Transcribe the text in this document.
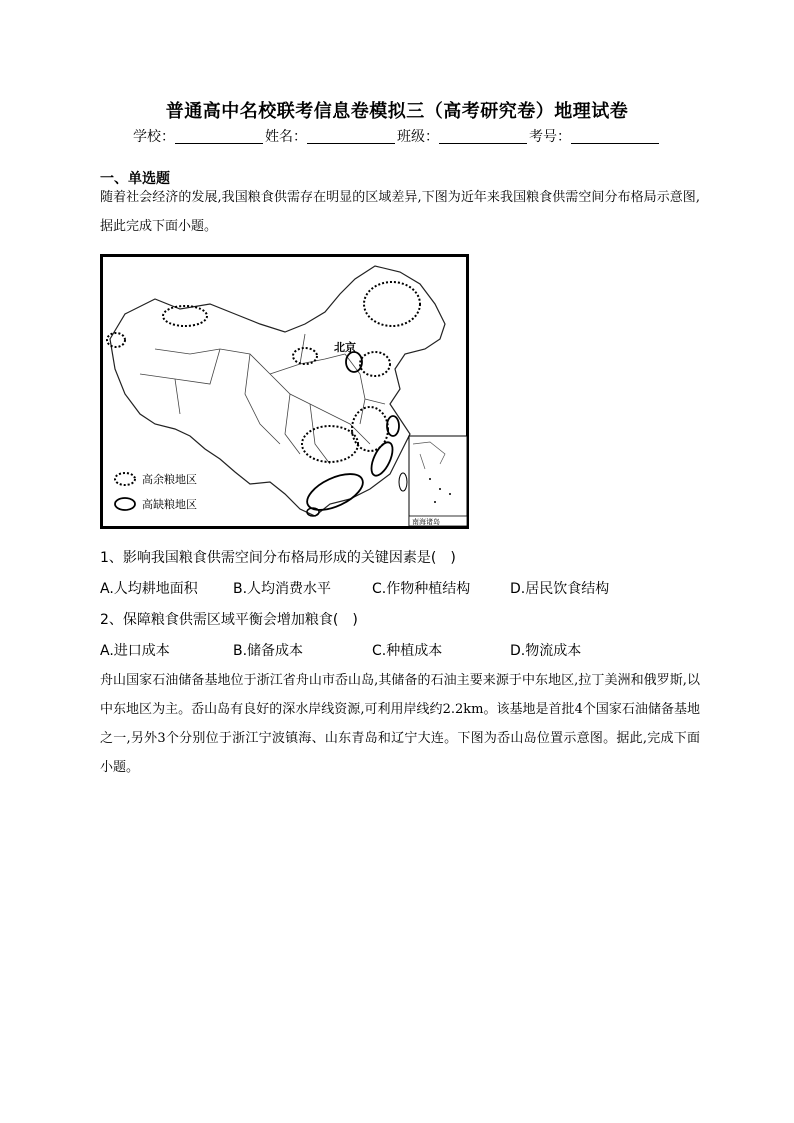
普通高中名校联考信息卷模拟三（高考研究卷）地理试卷
学校：	姓名：	班级：	考号：
一、单选题
随着社会经济的发展,我国粮食供需存在明显的区域差异,下图为近年来我国粮食供需空间分布格局示意图,据此完成下面小题。
北京
南海诸岛
高余粮地区
高缺粮地区
1、影响我国粮食供需空间分布格局形成的关键因素是(　)
A.人均耕地面积	B.人均消费水平	C.作物种植结构	D.居民饮食结构
2、保障粮食供需区域平衡会增加粮食(　)
A.进口成本	B.储备成本	C.种植成本	D.物流成本
舟山国家石油储备基地位于浙江省舟山市岙山岛,其储备的石油主要来源于中东地区,拉丁美洲和俄罗斯,以中东地区为主。岙山岛有良好的深水岸线资源,可利用岸线约2.2km。该基地是首批4个国家石油储备基地之一,另外3个分别位于浙江宁波镇海、山东青岛和辽宁大连。下图为岙山岛位置示意图。据此,完成下面小题。
